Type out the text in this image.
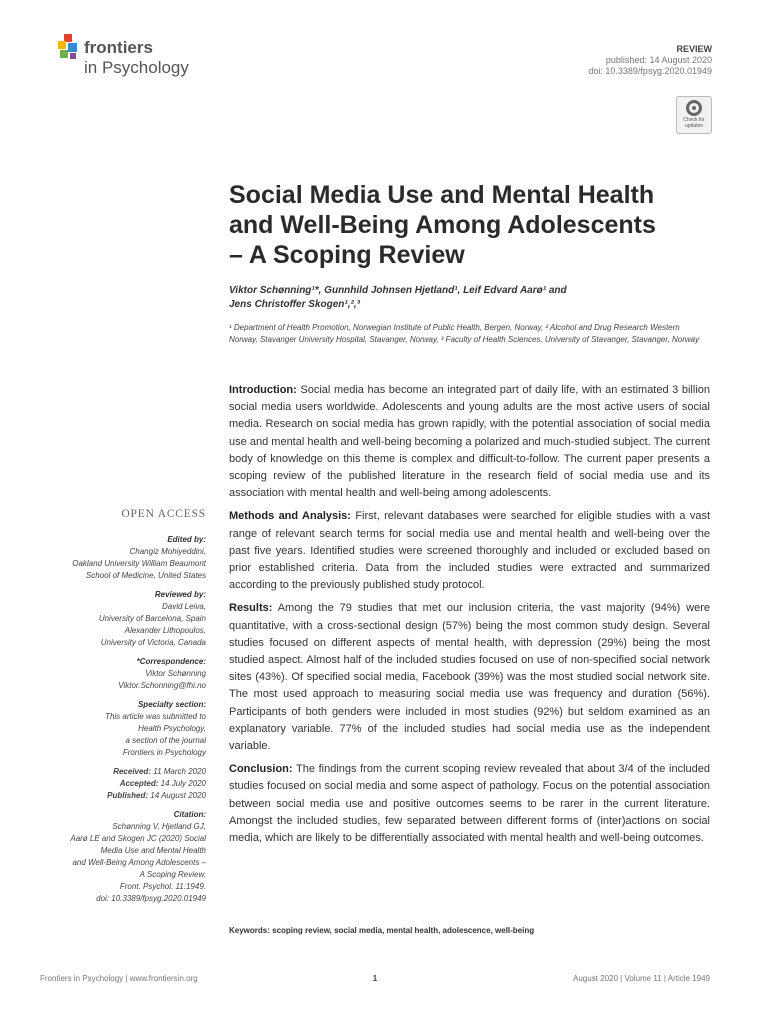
frontiers
in Psychology
REVIEW
published: 14 August 2020
doi: 10.3389/fpsyg.2020.01949
Check for
updates
Social Media Use and Mental Health
and Well-Being Among Adolescents
– A Scoping Review
Viktor Schønning¹*, Gunnhild Johnsen Hjetland¹, Leif Edvard Aarø¹ and
Jens Christoffer Skogen¹,²,³
¹ Department of Health Promotion, Norwegian Institute of Public Health, Bergen, Norway, ² Alcohol and Drug Research Western Norway, Stavanger University Hospital, Stavanger, Norway, ³ Faculty of Health Sciences, University of Stavanger, Stavanger, Norway

Introduction: Social media has become an integrated part of daily life, with an estimated 3 billion social media users worldwide. Adolescents and young adults are the most active users of social media. Research on social media has grown rapidly, with the potential association of social media use and mental health and well-being becoming a polarized and much-studied subject. The current body of knowledge on this theme is complex and difficult-to-follow. The current paper presents a scoping review of the published literature in the research field of social media use and its association with mental health and well-being among adolescents.

Methods and Analysis: First, relevant databases were searched for eligible studies with a vast range of relevant search terms for social media use and mental health and well-being over the past five years. Identified studies were screened thoroughly and included or excluded based on prior established criteria. Data from the included studies were extracted and summarized according to the previously published study protocol.

Results: Among the 79 studies that met our inclusion criteria, the vast majority (94%) were quantitative, with a cross-sectional design (57%) being the most common study design. Several studies focused on different aspects of mental health, with depression (29%) being the most studied aspect. Almost half of the included studies focused on use of non-specified social network sites (43%). Of specified social media, Facebook (39%) was the most studied social network site. The most used approach to measuring social media use was frequency and duration (56%). Participants of both genders were included in most studies (92%) but seldom examined as an explanatory variable. 77% of the included studies had social media use as the independent variable.

Conclusion: The findings from the current scoping review revealed that about 3/4 of the included studies focused on social media and some aspect of pathology. Focus on the potential association between social media use and positive outcomes seems to be rarer in the current literature. Amongst the included studies, few separated between different forms of (inter)actions on social media, which are likely to be differentially associated with mental health and well-being outcomes.

Keywords: scoping review, social media, mental health, adolescence, well-being
OPEN ACCESS
Edited by:
Changiz Mohiyeddini,
Oakland University William Beaumont
School of Medicine, United States
Reviewed by:
David Leiva,
University of Barcelona, Spain
Alexander Lithopoulos,
University of Victoria, Canada
*Correspondence:
Viktor Schønning
Viktor.Schonning@fhi.no
Specialty section:
This article was submitted to
Health Psychology,
a section of the journal
Frontiers in Psychology
Received: 11 March 2020
Accepted: 14 July 2020
Published: 14 August 2020
Citation:
Schønning V, Hjetland GJ,
Aarø LE and Skogen JC (2020) Social
Media Use and Mental Health
and Well-Being Among Adolescents –
A Scoping Review.
Front. Psychol. 11:1949.
doi: 10.3389/fpsyg.2020.01949
Frontiers in Psychology | www.frontiersin.org	1	August 2020 | Volume 11 | Article 1949
